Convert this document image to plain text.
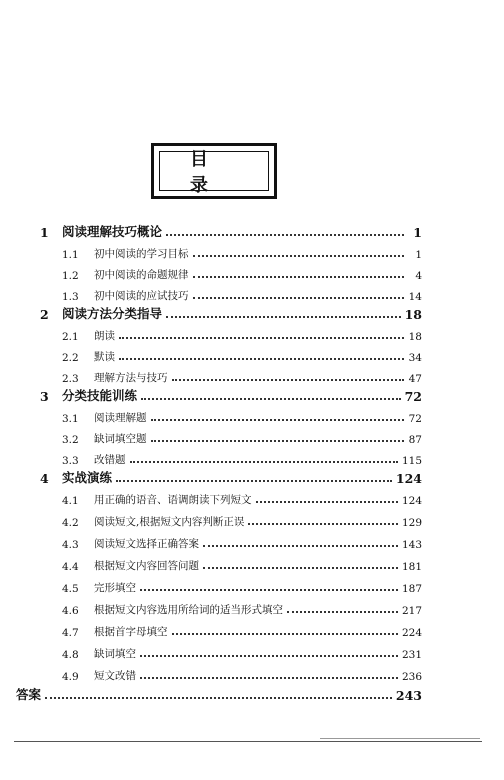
目 录
1	阅读理解技巧概论	1
1.1	初中阅读的学习目标	1
1.2	初中阅读的命题规律	4
1.3	初中阅读的应试技巧	14
2	阅读方法分类指导	18
2.1	朗读	18
2.2	默读	34
2.3	理解方法与技巧	47
3	分类技能训练	72
3.1	阅读理解题	72
3.2	缺词填空题	87
3.3	改错题	115
4	实战演练	124
4.1	用正确的语音、语调朗读下列短文	124
4.2	阅读短文,根据短文内容判断正误	129
4.3	阅读短文选择正确答案	143
4.4	根据短文内容回答问题	181
4.5	完形填空	187
4.6	根据短文内容选用所给词的适当形式填空	217
4.7	根据首字母填空	224
4.8	缺词填空	231
4.9	短文改错	236
答案	243
